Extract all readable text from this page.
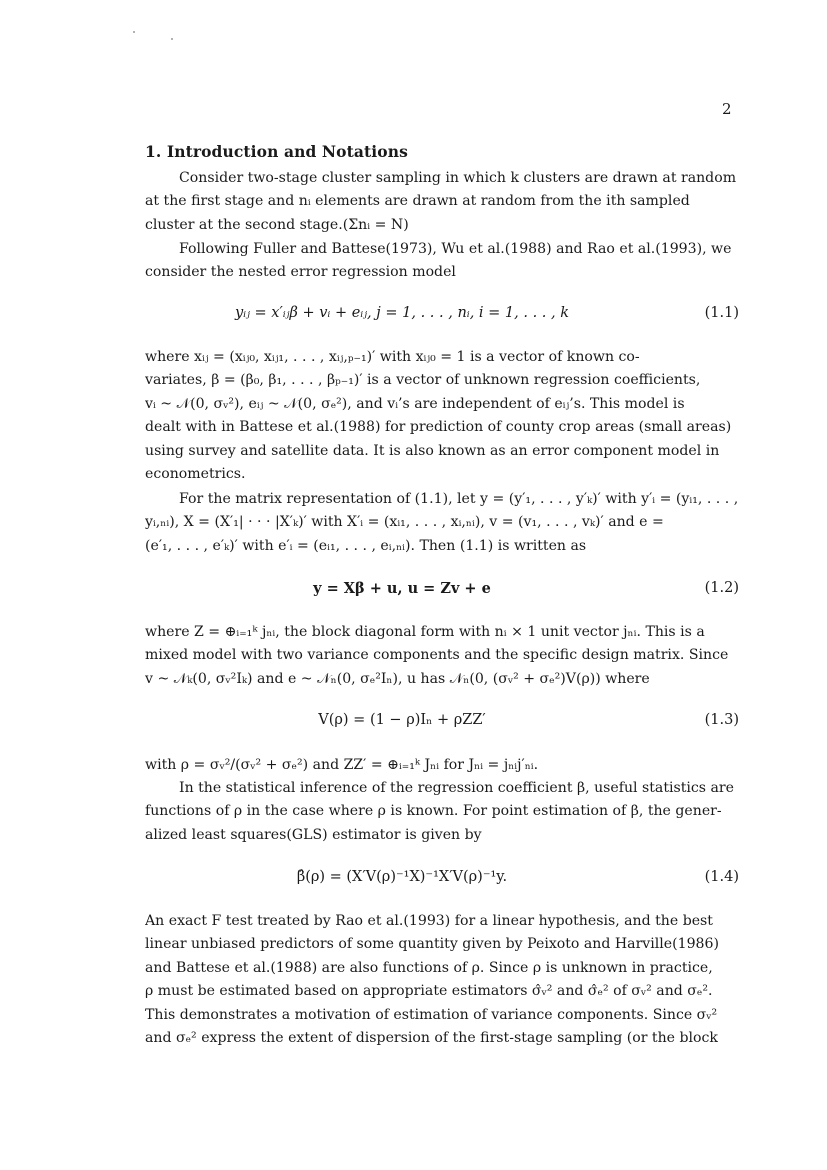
2
1. Introduction and Notations
Consider two-stage cluster sampling in which k clusters are drawn at random
at the first stage and nᵢ elements are drawn at random from the ith sampled
cluster at the second stage.(Σnᵢ = N)
Following Fuller and Battese(1973), Wu et al.(1988) and Rao et al.(1993), we
consider the nested error regression model
yᵢⱼ = x′ᵢⱼβ + vᵢ + eᵢⱼ, j = 1, . . . , nᵢ, i = 1, . . . , k	(1.1)
where xᵢⱼ = (xᵢⱼ₀, xᵢⱼ₁, . . . , xᵢⱼ,ₚ₋₁)′ with xᵢⱼ₀ = 1 is a vector of known co-
variates, β = (β₀, β₁, . . . , βₚ₋₁)′ is a vector of unknown regression coefficients,
vᵢ ~ 𝒩(0, σᵥ²), eᵢⱼ ~ 𝒩(0, σₑ²), and vᵢ’s are independent of eᵢⱼ’s. This model is
dealt with in Battese et al.(1988) for prediction of county crop areas (small areas)
using survey and satellite data. It is also known as an error component model in
econometrics.
For the matrix representation of (1.1), let y = (y′₁, . . . , y′ₖ)′ with y′ᵢ = (yᵢ₁, . . . ,
yᵢ,ₙᵢ), X = (X′₁| · · · |X′ₖ)′ with X′ᵢ = (xᵢ₁, . . . , xᵢ,ₙᵢ), v = (v₁, . . . , vₖ)′ and e =
(e′₁, . . . , e′ₖ)′ with e′ᵢ = (eᵢ₁, . . . , eᵢ,ₙᵢ). Then (1.1) is written as
y = Xβ + u, u = Zv + e	(1.2)
where Z = ⊕ᵢ₌₁ᵏ jₙᵢ, the block diagonal form with nᵢ × 1 unit vector jₙᵢ. This is a
mixed model with two variance components and the specific design matrix. Since
v ~ 𝒩ₖ(0, σᵥ²Iₖ) and e ~ 𝒩ₙ(0, σₑ²Iₙ), u has 𝒩ₙ(0, (σᵥ² + σₑ²)V(ρ)) where
V(ρ) = (1 − ρ)Iₙ + ρZZ′	(1.3)
with ρ = σᵥ²/(σᵥ² + σₑ²) and ZZ′ = ⊕ᵢ₌₁ᵏ Jₙᵢ for Jₙᵢ = jₙᵢj′ₙᵢ.
In the statistical inference of the regression coefficient β, useful statistics are
functions of ρ in the case where ρ is known. For point estimation of β, the gener-
alized least squares(GLS) estimator is given by
β̂(ρ) = (X′V(ρ)⁻¹X)⁻¹X′V(ρ)⁻¹y.	(1.4)
An exact F test treated by Rao et al.(1993) for a linear hypothesis, and the best
linear unbiased predictors of some quantity given by Peixoto and Harville(1986)
and Battese et al.(1988) are also functions of ρ. Since ρ is unknown in practice,
ρ must be estimated based on appropriate estimators σ̂ᵥ² and σ̂ₑ² of σᵥ² and σₑ².
This demonstrates a motivation of estimation of variance components. Since σᵥ²
and σₑ² express the extent of dispersion of the first-stage sampling (or the block
